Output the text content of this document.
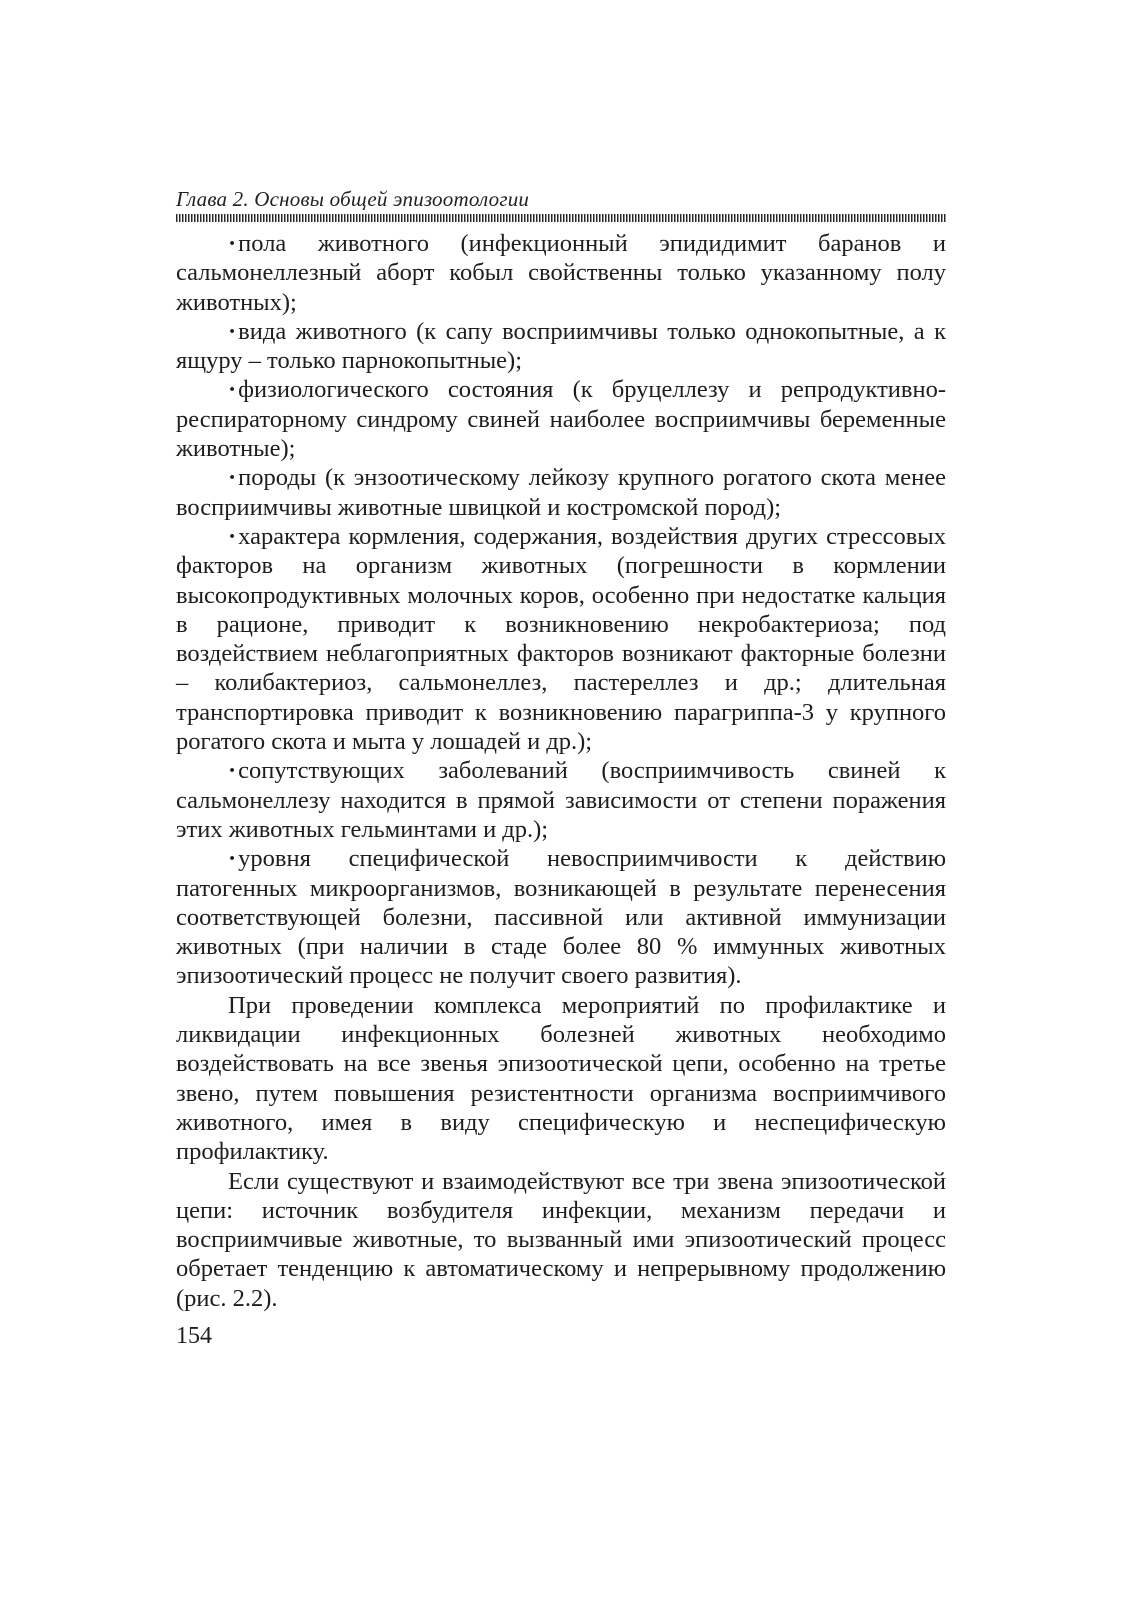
Глава 2. Основы общей эпизоотологии

·пола животного (инфекционный эпидидимит баранов и сальмонеллезный аборт кобыл свойственны только указанному полу животных);

·вида животного (к сапу восприимчивы только однокопытные, а к ящуру – только парнокопытные);

·физиологического состояния (к бруцеллезу и репродуктивно-респираторному синдрому свиней наиболее восприимчивы беременные животные);

·породы (к энзоотическому лейкозу крупного рогатого скота менее восприимчивы животные швицкой и костромской пород);

·характера кормления, содержания, воздействия других стрессовых факторов на организм животных (погрешности в кормлении высокопродуктивных молочных коров, особенно при недостатке кальция в рационе, приводит к возникновению некробактериоза; под воздействием неблагоприятных факторов возникают факторные болезни – колибактериоз, сальмонеллез, пастереллез и др.; длительная транспортировка приводит к возникновению парагриппа-3 у крупного рогатого скота и мыта у лошадей и др.);

·сопутствующих заболеваний (восприимчивость свиней к сальмонеллезу находится в прямой зависимости от степени поражения этих животных гельминтами и др.);

·уровня специфической невосприимчивости к действию патогенных микроорганизмов, возникающей в результате перенесения соответствующей болезни, пассивной или активной иммунизации животных (при наличии в стаде более 80 % иммунных животных эпизоотический процесс не получит своего развития).

При проведении комплекса мероприятий по профилактике и ликвидации инфекционных болезней животных необходимо воздействовать на все звенья эпизоотической цепи, особенно на третье звено, путем повышения резистентности организма восприимчивого животного, имея в виду специфическую и неспецифическую профилактику.

Если существуют и взаимодействуют все три звена эпизоотической цепи: источник возбудителя инфекции, механизм передачи и восприимчивые животные, то вызванный ими эпизоотический процесс обретает тенденцию к автоматическому и непрерывному продолжению (рис. 2.2).

154
